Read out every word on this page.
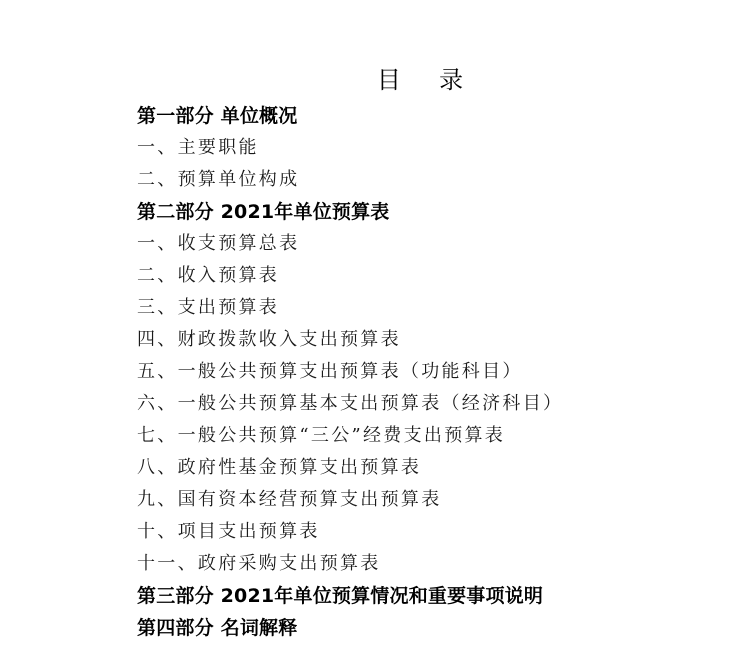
目     录
第一部分 单位概况
一、主要职能
二、预算单位构成
第二部分 2021年单位预算表
一、收支预算总表
二、收入预算表
三、支出预算表
四、财政拨款收入支出预算表
五、一般公共预算支出预算表（功能科目）
六、一般公共预算基本支出预算表（经济科目）
七、一般公共预算“三公”经费支出预算表
八、政府性基金预算支出预算表
九、国有资本经营预算支出预算表
十、项目支出预算表
十一、政府采购支出预算表
第三部分 2021年单位预算情况和重要事项说明
第四部分 名词解释
